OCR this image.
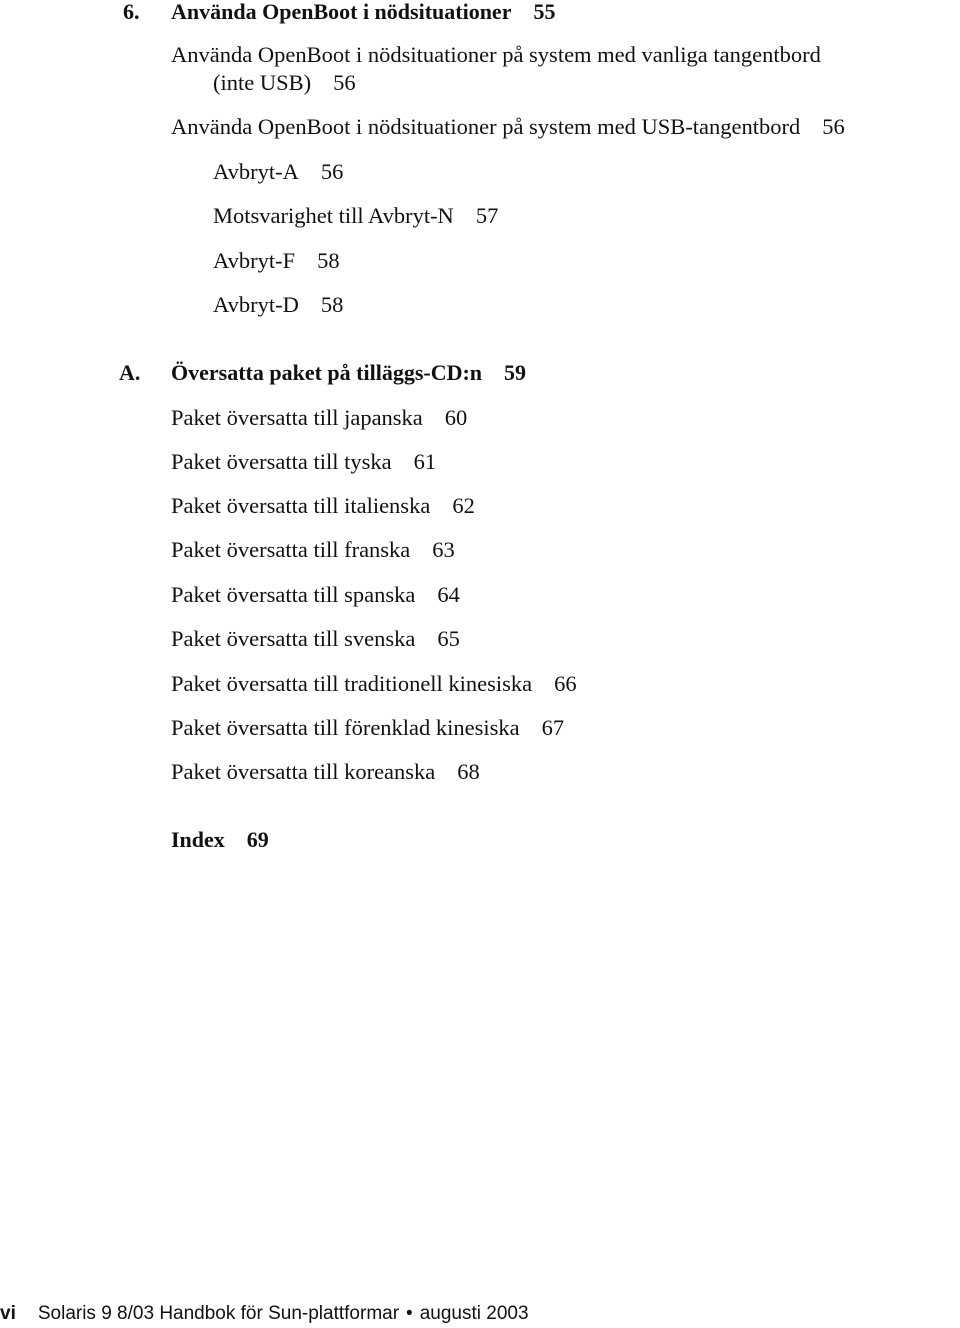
6. Använda OpenBoot i nödsituationer 55
Använda OpenBoot i nödsituationer på system med vanliga tangentbord
(inte USB) 56
Använda OpenBoot i nödsituationer på system med USB-tangentbord 56
Avbryt-A 56
Motsvarighet till Avbryt-N 57
Avbryt-F 58
Avbryt-D 58
A. Översatta paket på tilläggs-CD:n 59
Paket översatta till japanska 60
Paket översatta till tyska 61
Paket översatta till italienska 62
Paket översatta till franska 63
Paket översatta till spanska 64
Paket översatta till svenska 65
Paket översatta till traditionell kinesiska 66
Paket översatta till förenklad kinesiska 67
Paket översatta till koreanska 68
Index 69
vi Solaris 9 8/03 Handbok för Sun-plattformar • augusti 2003
